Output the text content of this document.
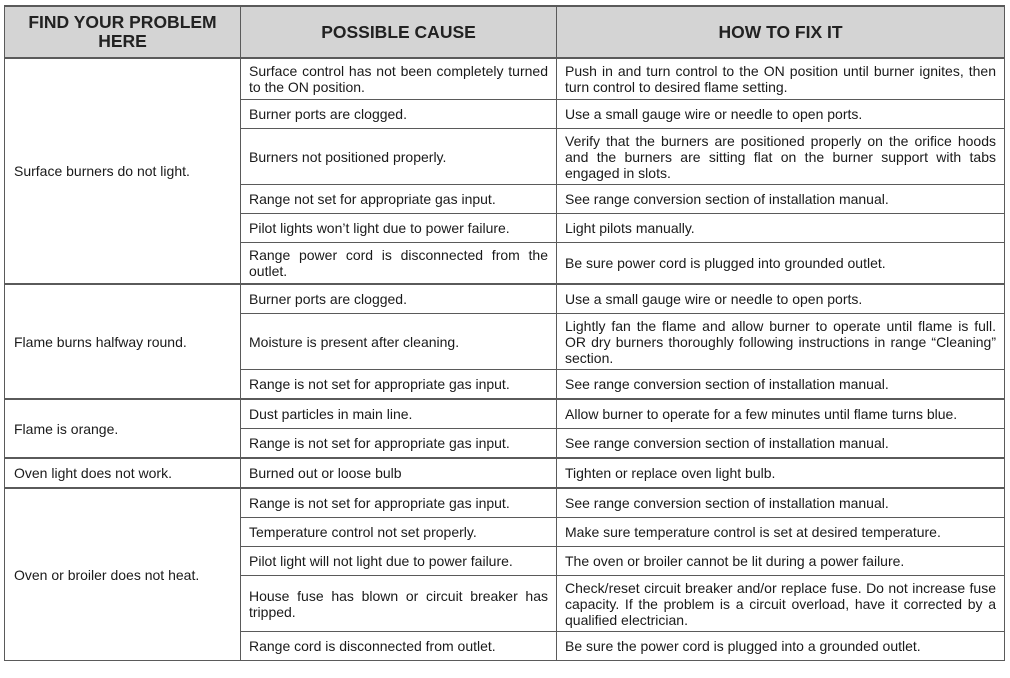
FIND YOUR PROBLEM HERE	POSSIBLE CAUSE	HOW TO FIX IT
Surface burners do not light.	Surface control has not been completely turned to the ON position.	Push in and turn control to the ON position until burner ignites, then turn control to desired flame setting.
	Burner ports are clogged.	Use a small gauge wire or needle to open ports.
	Burners not positioned properly.	Verify that the burners are positioned properly on the orifice hoods and the burners are sitting flat on the burner support with tabs engaged in slots.
	Range not set for appropriate gas input.	See range conversion section of installation manual.
	Pilot lights won’t light due to power failure.	Light pilots manually.
	Range power cord is disconnected from the outlet.	Be sure power cord is plugged into grounded outlet.
Flame burns halfway round.	Burner ports are clogged.	Use a small gauge wire or needle to open ports.
	Moisture is present after cleaning.	Lightly fan the flame and allow burner to operate until flame is full. OR dry burners thoroughly following instructions in range “Cleaning” section.
	Range is not set for appropriate gas input.	See range conversion section of installation manual.
Flame is orange.	Dust particles in main line.	Allow burner to operate for a few minutes until flame turns blue.
	Range is not set for appropriate gas input.	See range conversion section of installation manual.
Oven light does not work.	Burned out or loose bulb	Tighten or replace oven light bulb.
Oven or broiler does not heat.	Range is not set for appropriate gas input.	See range conversion section of installation manual.
	Temperature control not set properly.	Make sure temperature control is set at desired temperature.
	Pilot light will not light due to power failure.	The oven or broiler cannot be lit during a power failure.
	House fuse has blown or circuit breaker has tripped.	Check/reset circuit breaker and/or replace fuse. Do not increase fuse capacity. If the problem is a circuit overload, have it corrected by a qualified electrician.
	Range cord is disconnected from outlet.	Be sure the power cord is plugged into a grounded outlet.
